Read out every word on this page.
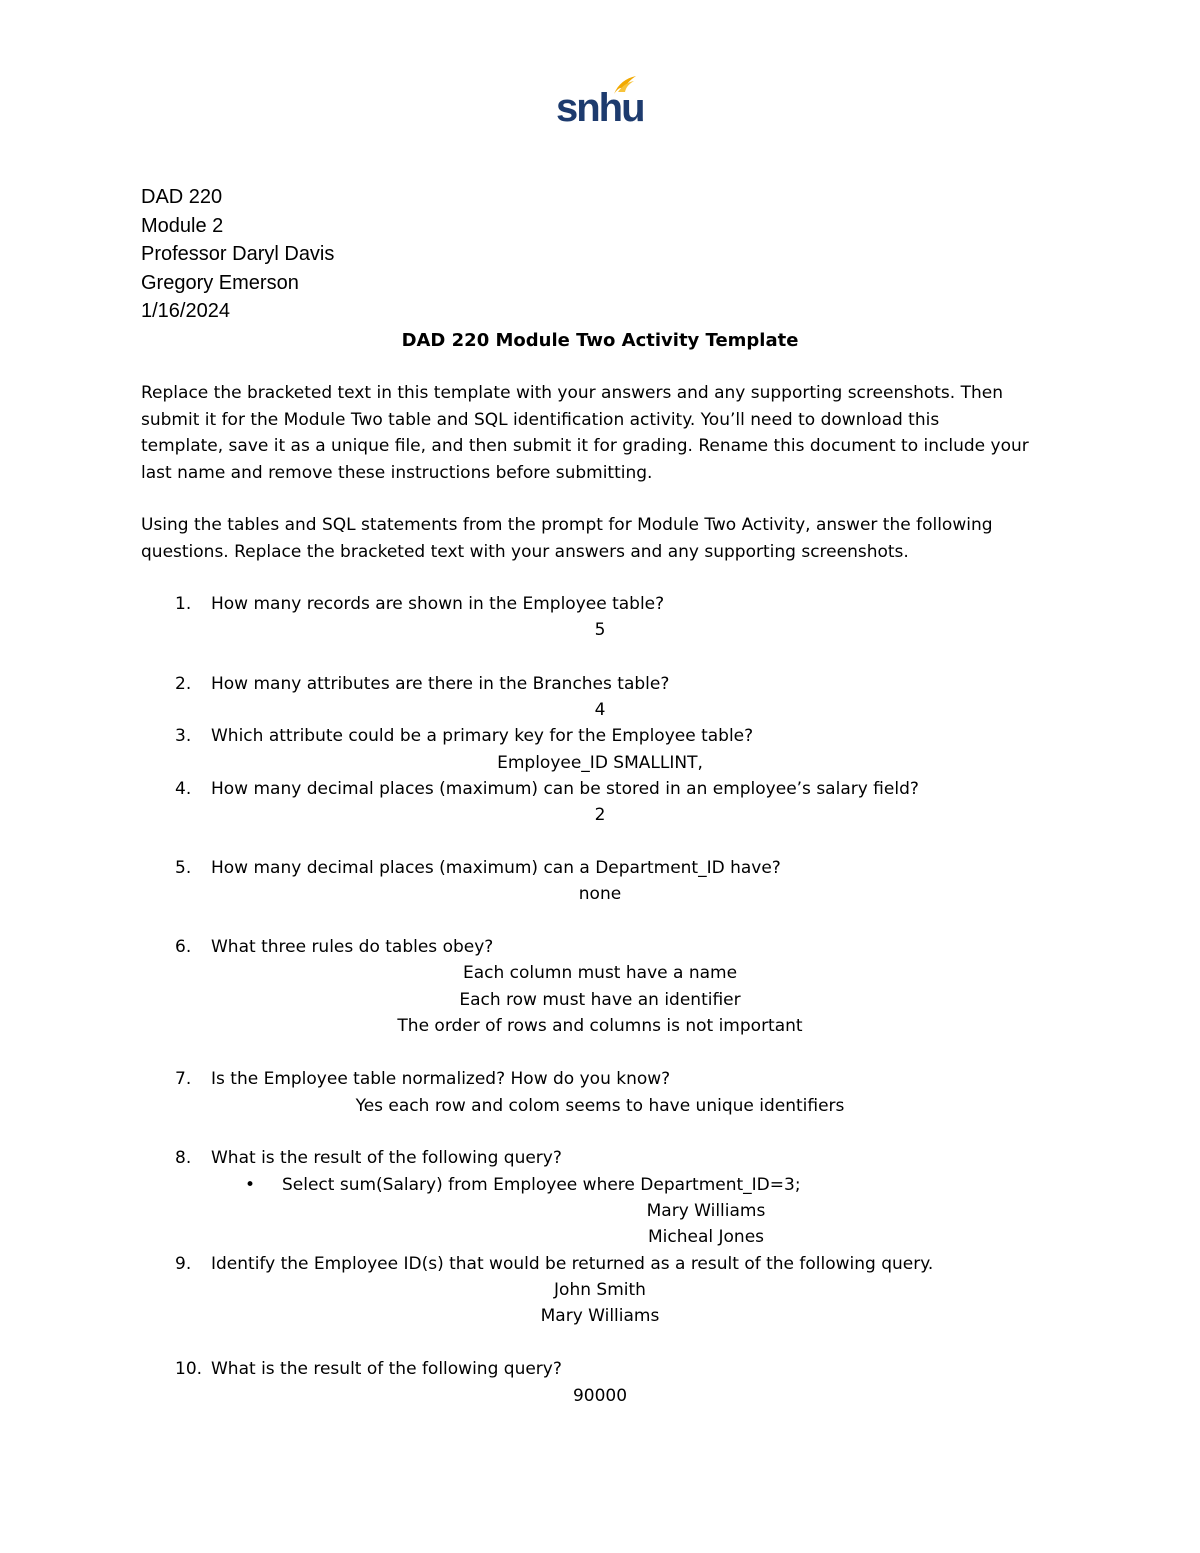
snhu
DAD 220
Module 2
Professor Daryl Davis
Gregory Emerson
1/16/2024
DAD 220 Module Two Activity Template
Replace the bracketed text in this template with your answers and any supporting screenshots. Then
submit it for the Module Two table and SQL identification activity. You’ll need to download this
template, save it as a unique file, and then submit it for grading. Rename this document to include your
last name and remove these instructions before submitting.
Using the tables and SQL statements from the prompt for Module Two Activity, answer the following
questions. Replace the bracketed text with your answers and any supporting screenshots.
1. How many records are shown in the Employee table?
5
2. How many attributes are there in the Branches table?
4
3. Which attribute could be a primary key for the Employee table?
Employee_ID SMALLINT,
4. How many decimal places (maximum) can be stored in an employee’s salary field?
2
5. How many decimal places (maximum) can a Department_ID have?
none
6. What three rules do tables obey?
Each column must have a name
Each row must have an identifier
The order of rows and columns is not important
7. Is the Employee table normalized? How do you know?
Yes each row and colom seems to have unique identifiers
8. What is the result of the following query?
• Select sum(Salary) from Employee where Department_ID=3;
Mary Williams
Micheal Jones
9. Identify the Employee ID(s) that would be returned as a result of the following query.
John Smith
Mary Williams
10. What is the result of the following query?
90000
